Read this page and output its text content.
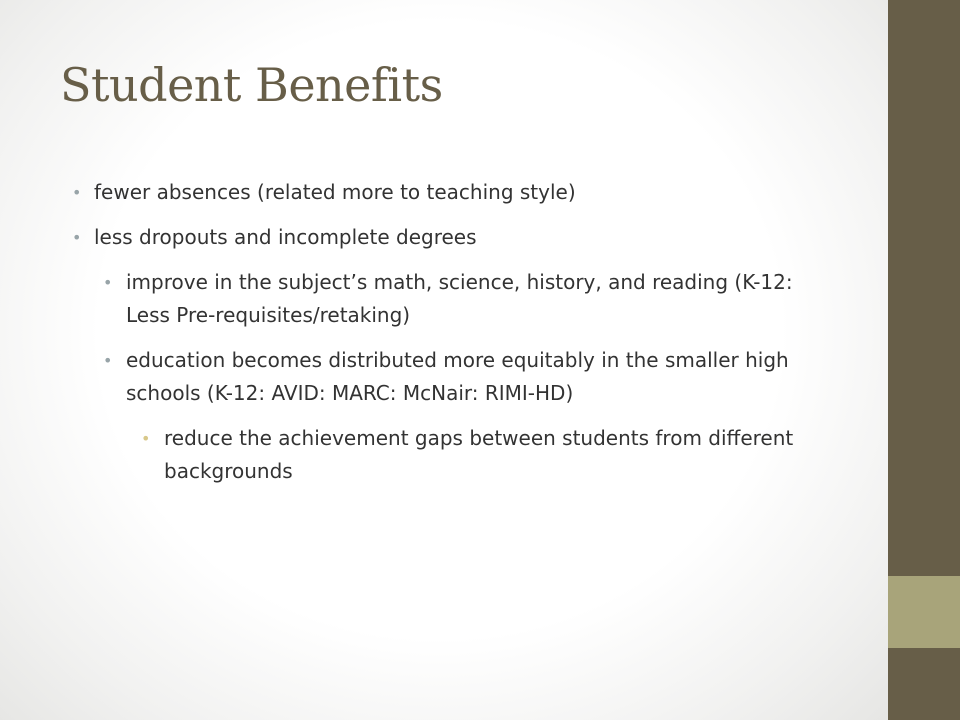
Student Benefits
• fewer absences (related more to teaching style)
• less dropouts and incomplete degrees
• improve in the subject’s math, science, history, and reading (K-12: Less Pre-requisites/retaking)
• education becomes distributed more equitably in the smaller high schools (K-12: AVID: MARC: McNair: RIMI-HD)
• reduce the achievement gaps between students from different backgrounds
